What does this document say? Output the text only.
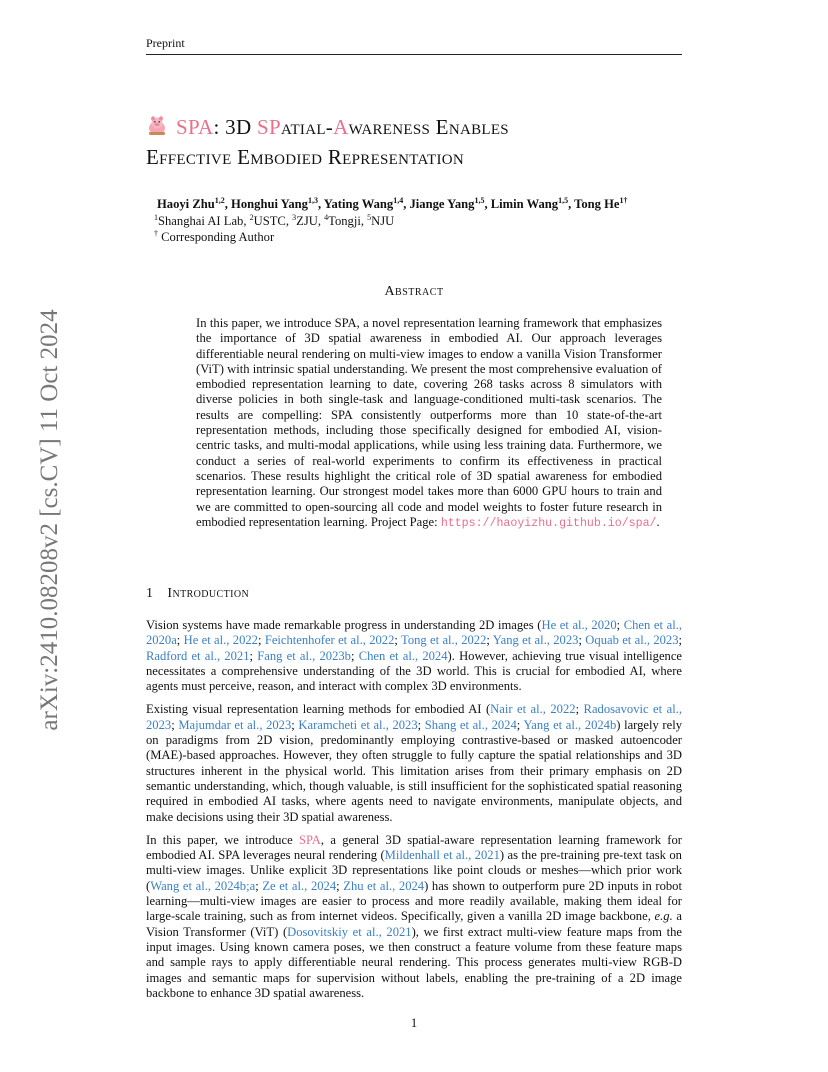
Preprint
arXiv:2410.08208v2 [cs.CV] 11 Oct 2024
SPA: 3D SPatial-Awareness Enables
Effective Embodied Representation
Haoyi Zhu$^{1,2}$, Honghui Yang$^{1,3}$, Yating Wang$^{1,4}$, Jiange Yang$^{1,5}$, Limin Wang$^{1,5}$, Tong $He^{1\dagger}$
$^1$Shanghai AI Lab, $^2$USTC, $^3$ZJU, $^4$Tongji, $^5$NJU
† Corresponding Author
Abstract
In this paper, we introduce SPA, a novel representation learning framework that emphasizes the importance of 3D spatial awareness in embodied AI. Our approach leverages differentiable neural rendering on multi-view images to endow a vanilla Vision Transformer (ViT) with intrinsic spatial understanding. We present the most comprehensive evaluation of embodied representation learning to date, covering 268 tasks across 8 simulators with diverse policies in both single-task and language-conditioned multi-task scenarios. The results are compelling: SPA consistently outperforms more than 10 state-of-the-art representation methods, including those specifically designed for embodied AI, vision-centric tasks, and multi-modal applications, while using less training data. Furthermore, we conduct a series of real-world experiments to confirm its effectiveness in practical scenarios. These results highlight the critical role of 3D spatial awareness for embodied representation learning. Our strongest model takes more than 6000 GPU hours to train and we are committed to open-sourcing all code and model weights to foster future research in embodied representation learning. Project Page: https://haoyizhu.github.io/spa/.
1 Introduction

Vision systems have made remarkable progress in understanding 2D images (He et al., 2020; Chen et al., 2020a; He et al., 2022; Feichtenhofer et al., 2022; Tong et al., 2022; Yang et al., 2023; Oquab et al., 2023; Radford et al., 2021; Fang et al., 2023b; Chen et al., 2024). However, achieving true visual intelligence necessitates a comprehensive understanding of the 3D world. This is crucial for embodied AI, where agents must perceive, reason, and interact with complex 3D environments.

Existing visual representation learning methods for embodied AI (Nair et al., 2022; Radosavovic et al., 2023; Majumdar et al., 2023; Karamcheti et al., 2023; Shang et al., 2024; Yang et al., 2024b) largely rely on paradigms from 2D vision, predominantly employing contrastive-based or masked autoencoder (MAE)-based approaches. However, they often struggle to fully capture the spatial relationships and 3D structures inherent in the physical world. This limitation arises from their primary emphasis on 2D semantic understanding, which, though valuable, is still insufficient for the sophisticated spatial reasoning required in embodied AI tasks, where agents need to navigate environments, manipulate objects, and make decisions using their 3D spatial awareness.

In this paper, we introduce SPA, a general 3D spatial-aware representation learning framework for embodied AI. SPA leverages neural rendering (Mildenhall et al., 2021) as the pre-training pre-text task on multi-view images. Unlike explicit 3D representations like point clouds or meshes—which prior work (Wang et al., 2024b;a; Ze et al., 2024; Zhu et al., 2024) has shown to outperform pure 2D inputs in robot learning—multi-view images are easier to process and more readily available, making them ideal for large-scale training, such as from internet videos. Specifically, given a vanilla 2D image backbone, e.g. a Vision Transformer (ViT) (Dosovitskiy et al., 2021), we first extract multi-view feature maps from the input images. Using known camera poses, we then construct a feature volume from these feature maps and sample rays to apply differentiable neural rendering. This process generates multi-view RGB-D images and semantic maps for supervision without labels, enabling the pre-training of a 2D image backbone to enhance 3D spatial awareness.

1
